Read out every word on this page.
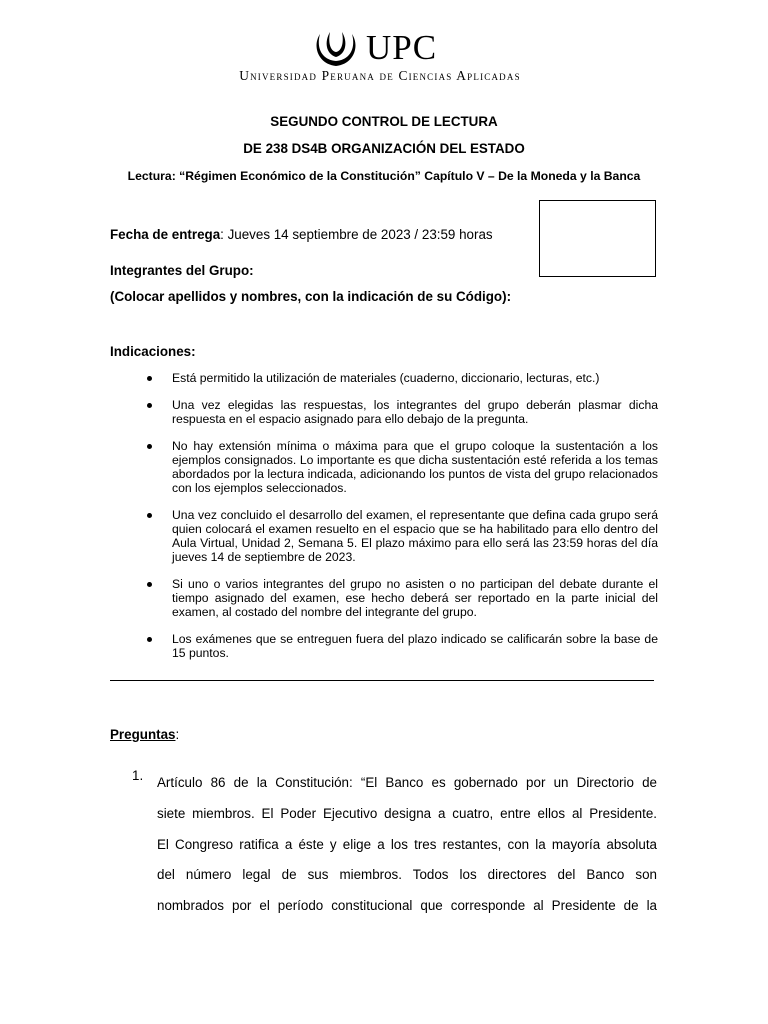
UPC
Universidad Peruana de Ciencias Aplicadas
SEGUNDO CONTROL DE LECTURA
DE 238 DS4B ORGANIZACIÓN DEL ESTADO
Lectura: “Régimen Económico de la Constitución” Capítulo V – De la Moneda y la Banca
Fecha de entrega: Jueves 14 septiembre de 2023 / 23:59 horas
Integrantes del Grupo:
(Colocar apellidos y nombres, con la indicación de su Código):
Indicaciones:
Está permitido la utilización de materiales (cuaderno, diccionario, lecturas, etc.)
Una vez elegidas las respuestas, los integrantes del grupo deberán plasmar dicha respuesta en el espacio asignado para ello debajo de la pregunta.
No hay extensión mínima o máxima para que el grupo coloque la sustentación a los ejemplos consignados. Lo importante es que dicha sustentación esté referida a los temas abordados por la lectura indicada, adicionando los puntos de vista del grupo relacionados con los ejemplos seleccionados.
Una vez concluido el desarrollo del examen, el representante que defina cada grupo será quien colocará el examen resuelto en el espacio que se ha habilitado para ello dentro del Aula Virtual, Unidad 2, Semana 5. El plazo máximo para ello será las 23:59 horas del día jueves 14 de septiembre de 2023.
Si uno o varios integrantes del grupo no asisten o no participan del debate durante el tiempo asignado del examen, ese hecho deberá ser reportado en la parte inicial del examen, al costado del nombre del integrante del grupo.
Los exámenes que se entreguen fuera del plazo indicado se calificarán sobre la base de 15 puntos.
Preguntas:
1. Artículo 86 de la Constitución: “El Banco es gobernado por un Directorio de
siete miembros. El Poder Ejecutivo designa a cuatro, entre ellos al Presidente.
El Congreso ratifica a éste y elige a los tres restantes, con la mayoría absoluta
del número legal de sus miembros. Todos los directores del Banco son
nombrados por el período constitucional que corresponde al Presidente de la
